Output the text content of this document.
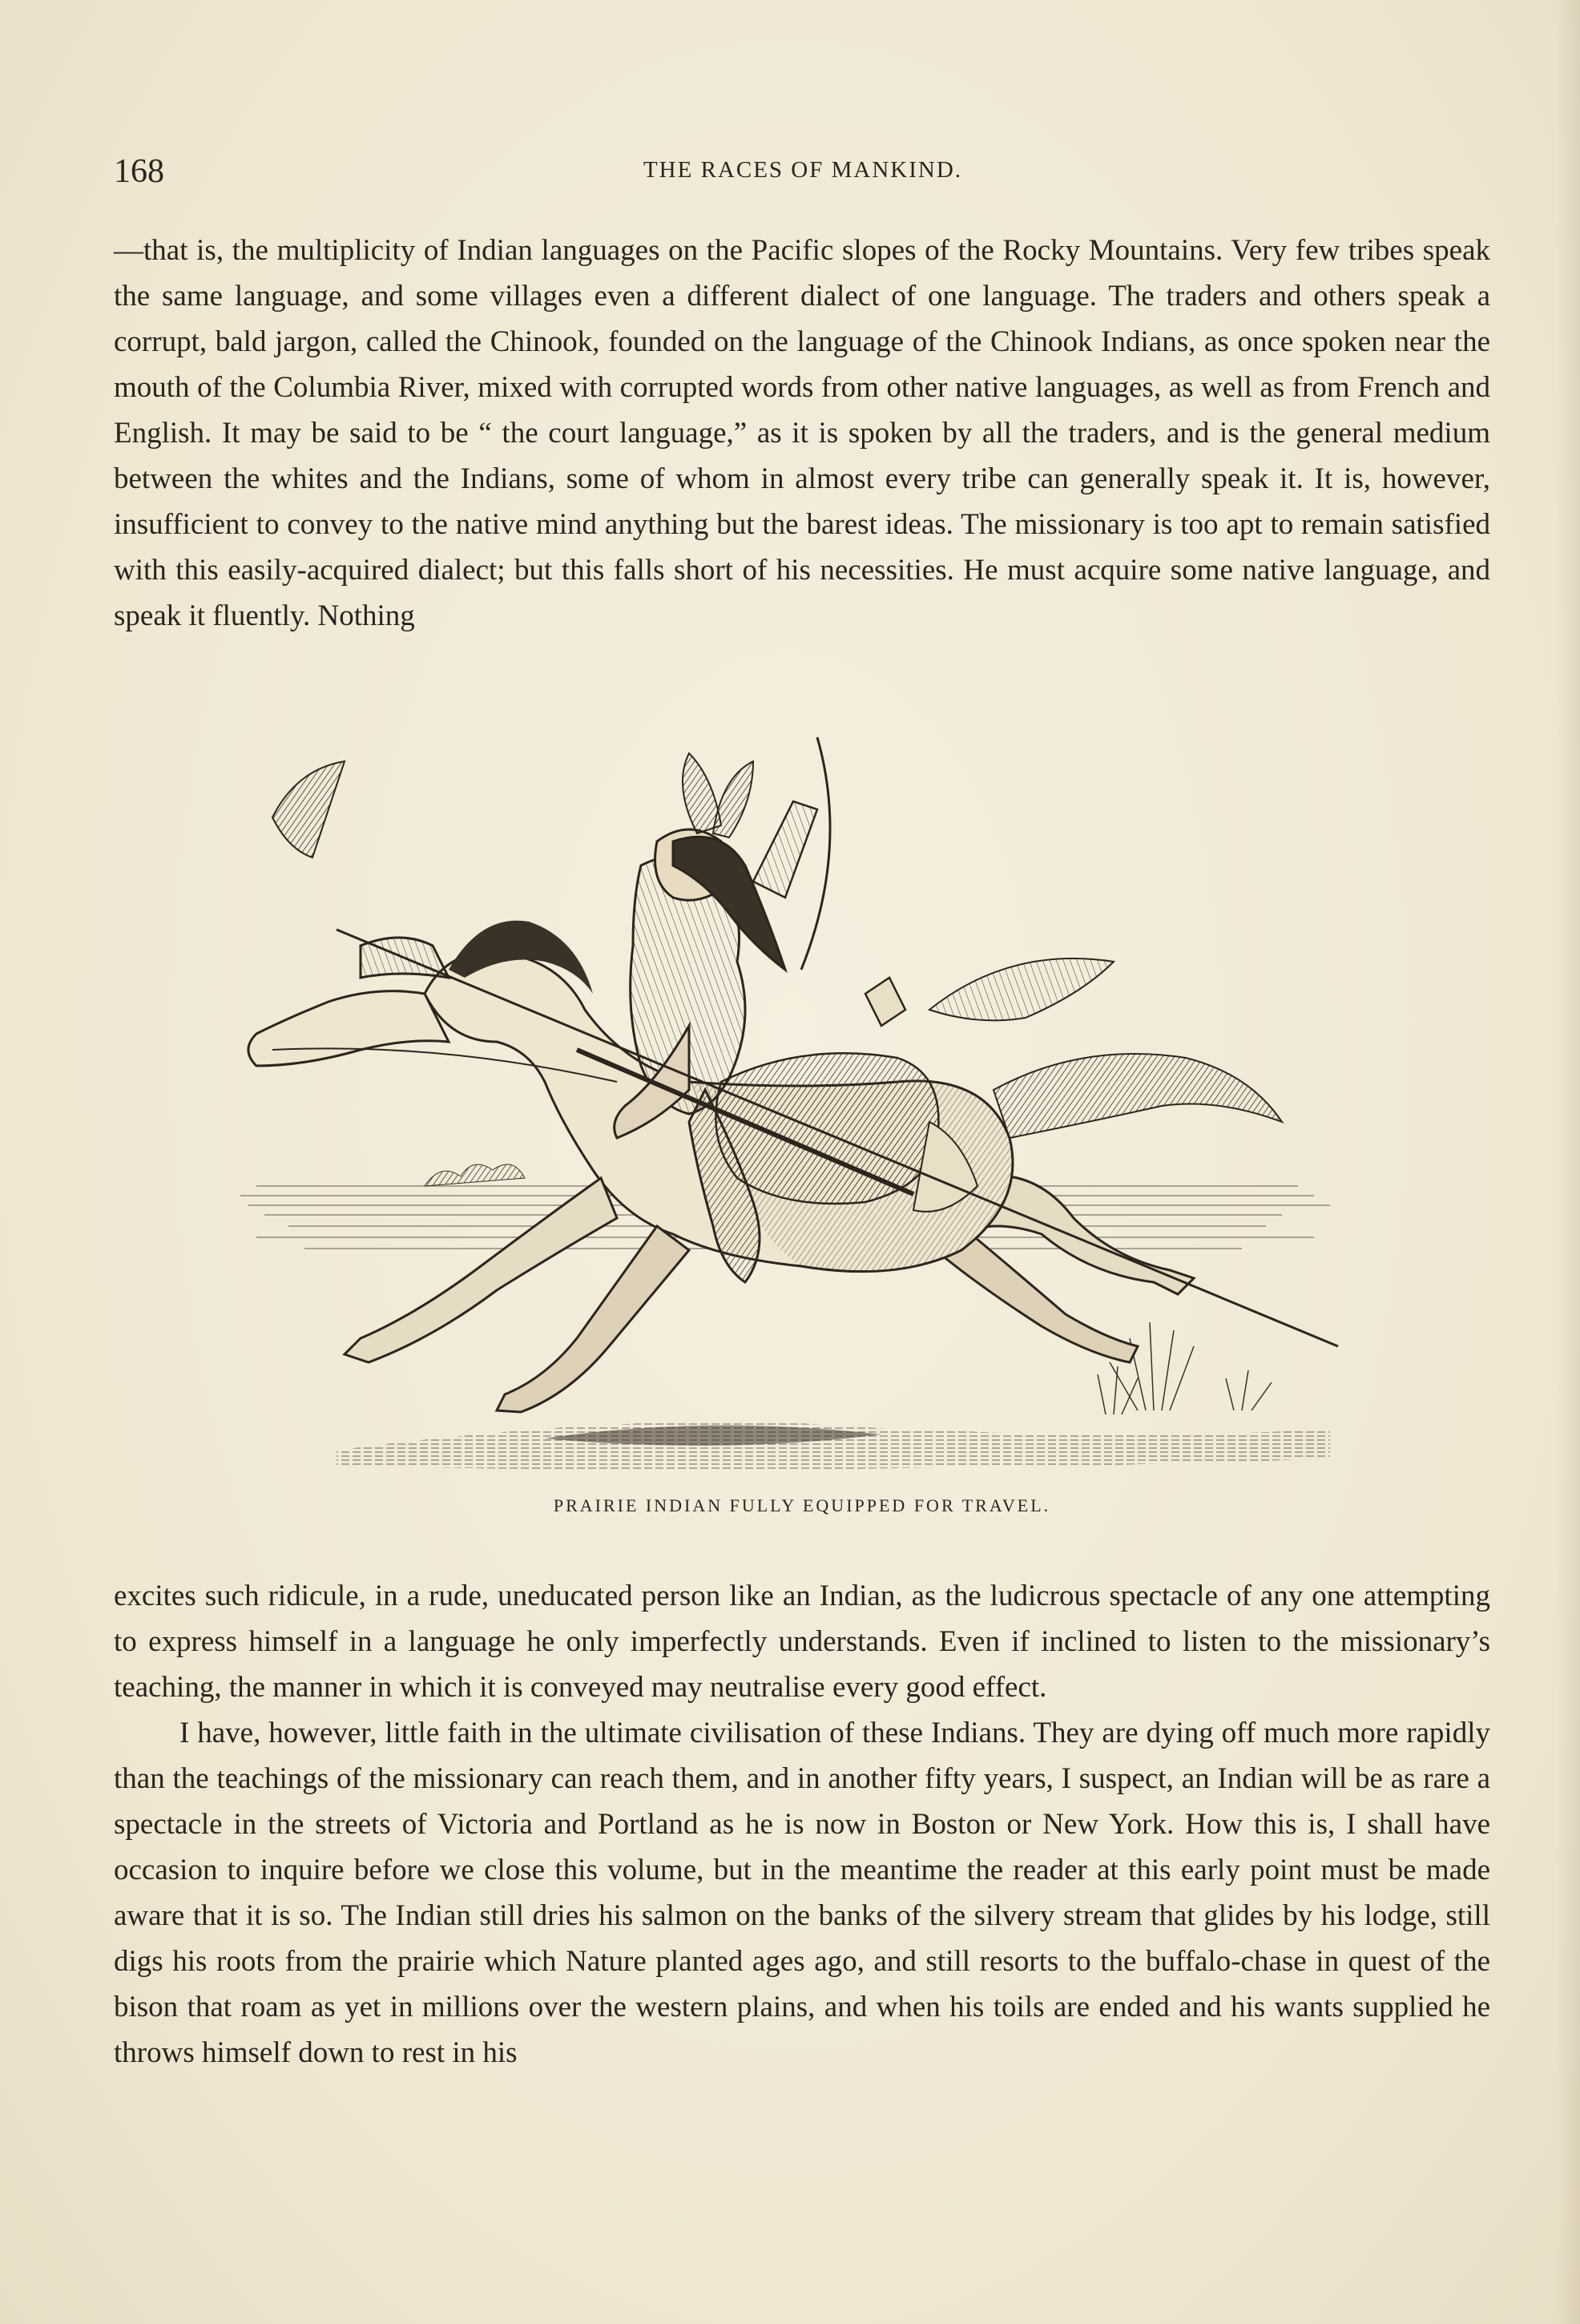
168	THE RACES OF MANKIND.

—that is, the multiplicity of Indian languages on the Pacific slopes of the Rocky Mountains. Very few tribes speak the same language, and some villages even a different dialect of one language. The traders and others speak a corrupt, bald jargon, called the Chinook, founded on the language of the Chinook Indians, as once spoken near the mouth of the Columbia River, mixed with corrupted words from other native languages, as well as from French and English. It may be said to be “ the court language,” as it is spoken by all the traders, and is the general medium between the whites and the Indians, some of whom in almost every tribe can generally speak it. It is, however, insufficient to convey to the native mind anything but the barest ideas. The missionary is too apt to remain satisfied with this easily-acquired dialect; but this falls short of his necessities. He must acquire some native language, and speak it fluently. Nothing

PRAIRIE INDIAN FULLY EQUIPPED FOR TRAVEL.

excites such ridicule, in a rude, uneducated person like an Indian, as the ludicrous spectacle of any one attempting to express himself in a language he only imperfectly understands. Even if inclined to listen to the missionary’s teaching, the manner in which it is conveyed may neutralise every good effect.

I have, however, little faith in the ultimate civilisation of these Indians. They are dying off much more rapidly than the teachings of the missionary can reach them, and in another fifty years, I suspect, an Indian will be as rare a spectacle in the streets of Victoria and Portland as he is now in Boston or New York. How this is, I shall have occasion to inquire before we close this volume, but in the meantime the reader at this early point must be made aware that it is so. The Indian still dries his salmon on the banks of the silvery stream that glides by his lodge, still digs his roots from the prairie which Nature planted ages ago, and still resorts to the buffalo-chase in quest of the bison that roam as yet in millions over the western plains, and when his toils are ended and his wants supplied he throws himself down to rest in his
